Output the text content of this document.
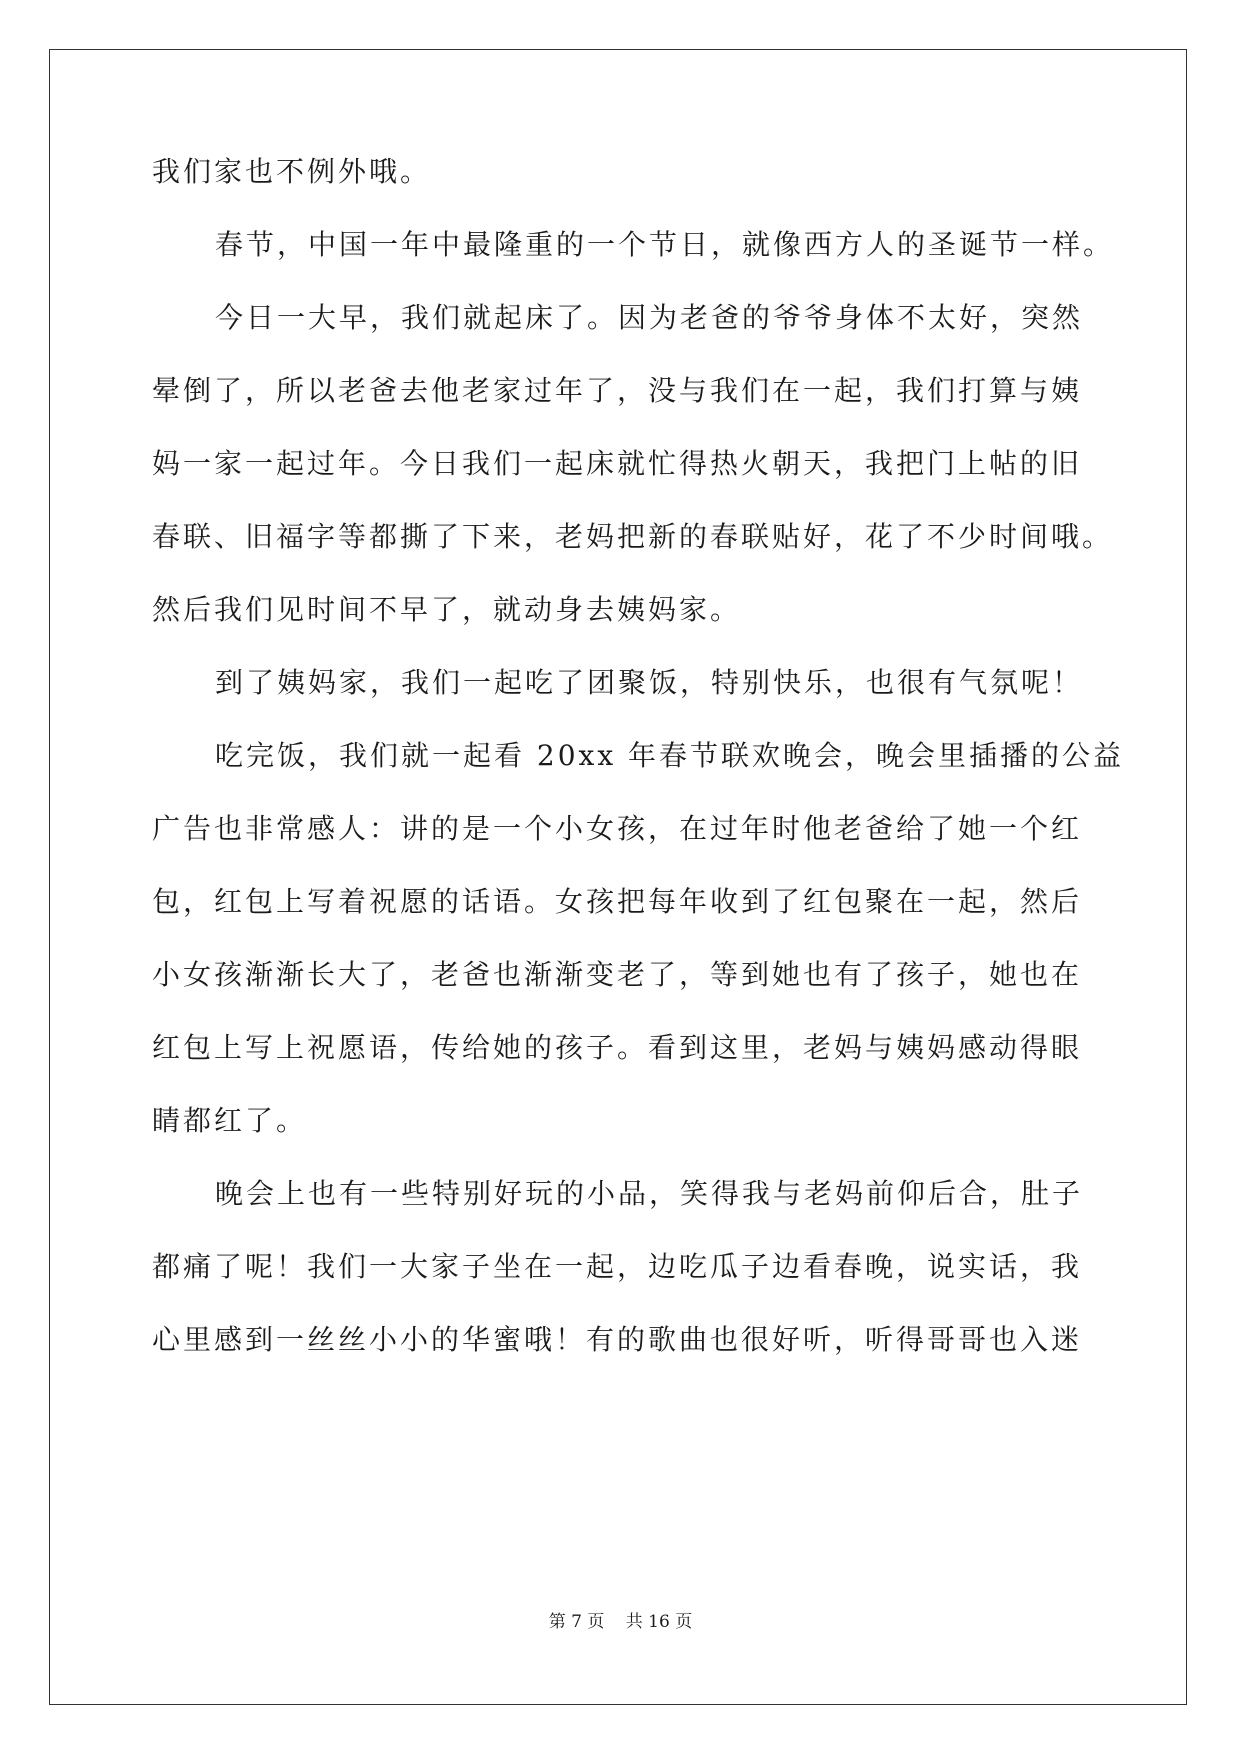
我们家也不例外哦。
春节，中国一年中最隆重的一个节日，就像西方人的圣诞节一样。
今日一大早，我们就起床了。因为老爸的爷爷身体不太好，突然
晕倒了，所以老爸去他老家过年了，没与我们在一起，我们打算与姨
妈一家一起过年。今日我们一起床就忙得热火朝天，我把门上帖的旧
春联、旧福字等都撕了下来，老妈把新的春联贴好，花了不少时间哦。
然后我们见时间不早了，就动身去姨妈家。
到了姨妈家，我们一起吃了团聚饭，特别快乐，也很有气氛呢！
吃完饭，我们就一起看 20xx 年春节联欢晚会，晚会里插播的公益
广告也非常感人：讲的是一个小女孩，在过年时他老爸给了她一个红
包，红包上写着祝愿的话语。女孩把每年收到了红包聚在一起，然后
小女孩渐渐长大了，老爸也渐渐变老了，等到她也有了孩子，她也在
红包上写上祝愿语，传给她的孩子。看到这里，老妈与姨妈感动得眼
睛都红了。
晚会上也有一些特别好玩的小品，笑得我与老妈前仰后合，肚子
都痛了呢！我们一大家子坐在一起，边吃瓜子边看春晚，说实话，我
心里感到一丝丝小小的华蜜哦！有的歌曲也很好听，听得哥哥也入迷
第 7 页 共 16 页
